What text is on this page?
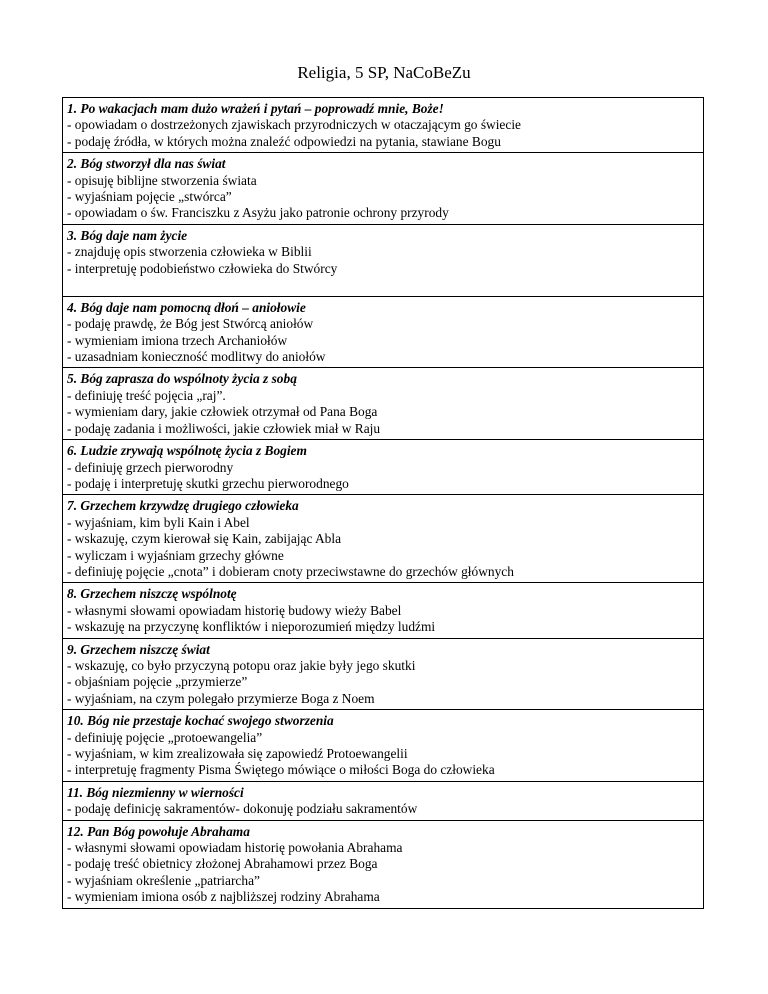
Religia, 5 SP, NaCoBeZu
1. Po wakacjach mam dużo wrażeń i pytań – poprowadź mnie, Boże!
- opowiadam o dostrzeżonych zjawiskach przyrodniczych w otaczającym go świecie
- podaję źródła, w których można znaleźć odpowiedzi na pytania, stawiane Bogu
2. Bóg stworzył dla nas świat
- opisuję biblijne stworzenia świata
- wyjaśniam pojęcie „stwórca”
- opowiadam o św. Franciszku z Asyżu jako patronie ochrony przyrody
3. Bóg daje nam życie
- znajduję opis stworzenia człowieka w Biblii
- interpretuję podobieństwo człowieka do Stwórcy
4. Bóg daje nam pomocną dłoń – aniołowie
- podaję prawdę, że Bóg jest Stwórcą aniołów
- wymieniam imiona trzech Archaniołów
- uzasadniam konieczność modlitwy do aniołów
5. Bóg zaprasza do wspólnoty życia z sobą
- definiuję treść pojęcia „raj”.
- wymieniam dary, jakie człowiek otrzymał od Pana Boga
- podaję zadania i możliwości, jakie człowiek miał w Raju
6. Ludzie zrywają wspólnotę życia z Bogiem
- definiuję grzech pierworodny
- podaję i interpretuję skutki grzechu pierworodnego
7. Grzechem krzywdzę drugiego człowieka
- wyjaśniam, kim byli Kain i Abel
- wskazuję, czym kierował się Kain, zabijając Abla
- wyliczam i wyjaśniam grzechy główne
- definiuję pojęcie „cnota” i dobieram cnoty przeciwstawne do grzechów głównych
8. Grzechem niszczę wspólnotę
- własnymi słowami opowiadam historię budowy wieży Babel
- wskazuję na przyczynę konfliktów i nieporozumień między ludźmi
9. Grzechem niszczę świat
- wskazuję, co było przyczyną potopu oraz jakie były jego skutki
- objaśniam pojęcie „przymierze”
- wyjaśniam, na czym polegało przymierze Boga z Noem
10. Bóg nie przestaje kochać swojego stworzenia
- definiuję pojęcie „protoewangelia”
- wyjaśniam, w kim zrealizowała się zapowiedź Protoewangelii
- interpretuję fragmenty Pisma Świętego mówiące o miłości Boga do człowieka
11. Bóg niezmienny w wierności
- podaję definicję sakramentów- dokonuję podziału sakramentów
12. Pan Bóg powołuje Abrahama
- własnymi słowami opowiadam historię powołania Abrahama
- podaję treść obietnicy złożonej Abrahamowi przez Boga
- wyjaśniam określenie „patriarcha”
- wymieniam imiona osób z najbliższej rodziny Abrahama
